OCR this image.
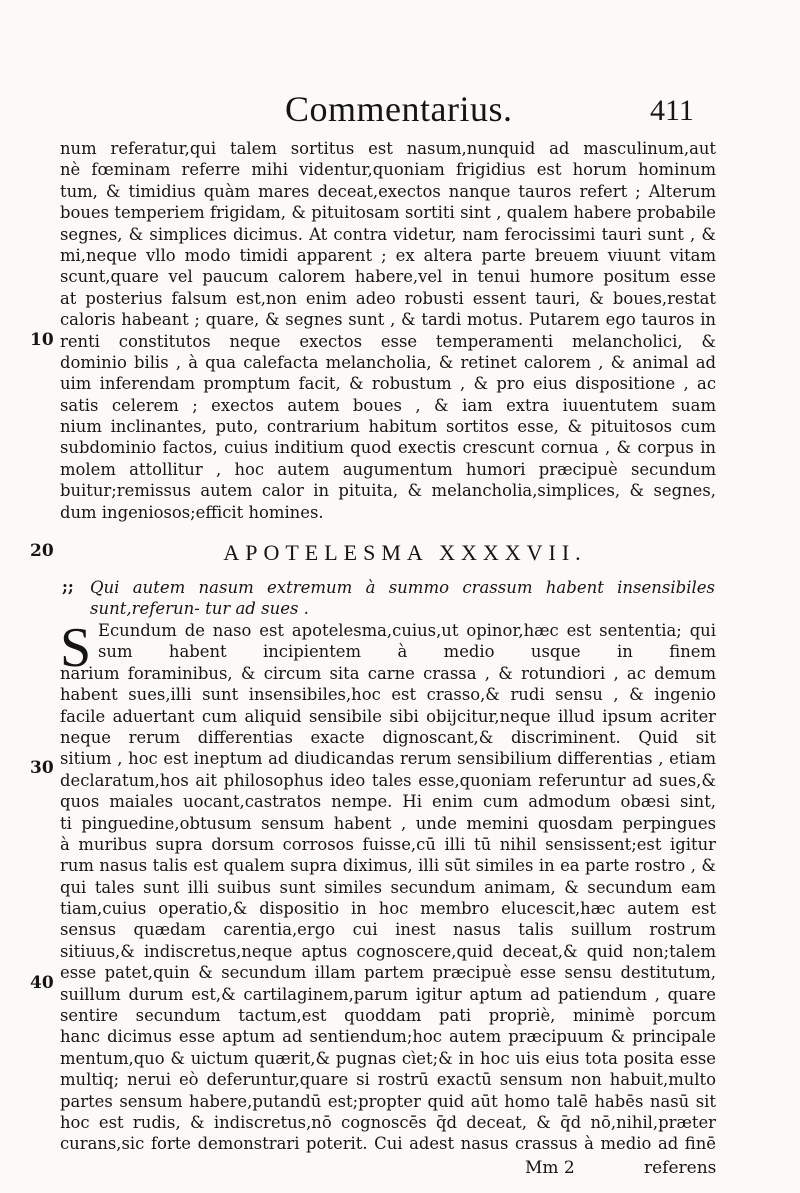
Commentarius.	411
num referatur,qui talem sortitus est nasum,nunquid ad masculinum,aut
nè fœminam referre mihi videntur,quoniam frigidius est horum hominum
tum, & timidius quàm mares deceat,exectos nanque tauros refert ; Alterum
boues temperiem frigidam, & pituitosam sortiti sint , qualem habere probabile
segnes, & simplices dicimus. At contra videtur, nam ferocissimi tauri sunt , &
mi,neque vllo modo timidi apparent ; ex altera parte breuem viuunt vitam
scunt,quare vel paucum calorem habere,vel in tenui humore positum esse
at posterius falsum est,non enim adeo robusti essent tauri, & boues,restat
caloris habeant ; quare, & segnes sunt , & tardi motus. Putarem ego tauros in
renti constitutos neque exectos esse temperamenti melancholici, &
dominio bilis , à qua calefacta melancholia, & retinet calorem , & animal ad
uim inferendam promptum facit, & robustum , & pro eius dispositione , ac
satis celerem ; exectos autem boues , & iam extra iuuentutem suam
nium inclinantes, puto, contrarium habitum sortitos esse, & pituitosos cum
subdominio factos, cuius inditium quod exectis crescunt cornua , & corpus in
molem attollitur , hoc autem augumentum humori præcipuè secundum
buitur;remissus autem calor in pituita, & melancholia,simplices, & segnes,
dum ingeniosos;efficit homines.
10
20
30
40
APOTELESMA XXXXVII.
;; Qui autem nasum extremum à summo crassum habent insensibiles sunt,referun- tur ad sues .
S Ecundum de naso est apotelesma,cuius,ut opinor,hæc est sententia; qui
sum habent incipientem à medio usque in finem
narium foraminibus, & circum sita carne crassa , & rotundiori , ac demum
habent sues,illi sunt insensibiles,hoc est crasso,& rudi sensu , & ingenio
facile aduertant cum aliquid sensibile sibi obijcitur,neque illud ipsum acriter
neque rerum differentias exacte dignoscant,& discriminent. Quid sit
sitium , hoc est ineptum ad diudicandas rerum sensibilium differentias , etiam
declaratum,hos ait philosophus ideo tales esse,quoniam referuntur ad sues,&
quos maiales uocant,castratos nempe. Hi enim cum admodum obæsi sint,
ti pinguedine,obtusum sensum habent , unde memini quosdam perpingues
à muribus supra dorsum corrosos fuisse,cū illi tū nihil sensissent;est igitur
rum nasus talis est qualem supra diximus, illi sūt similes in ea parte rostro , &
qui tales sunt illi suibus sunt similes secundum animam, & secundum eam
tiam,cuius operatio,& dispositio in hoc membro elucescit,hæc autem est
sensus quædam carentia,ergo cui inest nasus talis suillum rostrum
sitiuus,& indiscretus,neque aptus cognoscere,quid deceat,& quid non;talem
esse patet,quin & secundum illam partem præcipuè esse sensu destitutum,
suillum durum est,& cartilaginem,parum igitur aptum ad patiendum , quare
sentire secundum tactum,est quoddam pati propriè, minimè porcum
hanc dicimus esse aptum ad sentiendum;hoc autem præcipuum & principale
mentum,quo & uictum quærit,& pugnas cìet;& in hoc uis eius tota posita esse
multiq; nerui eò deferuntur,quare si rostrū exactū sensum non habuit,multo
partes sensum habere,putandū est;propter quid aūt homo talē habēs nasū sit
hoc est rudis, & indiscretus,nō cognoscēs q̄d deceat, & q̄d nō,nihil,præter
curans,sic forte demonstrari poterit. Cui adest nasus crassus à medio ad finē
Mm 2	referens
